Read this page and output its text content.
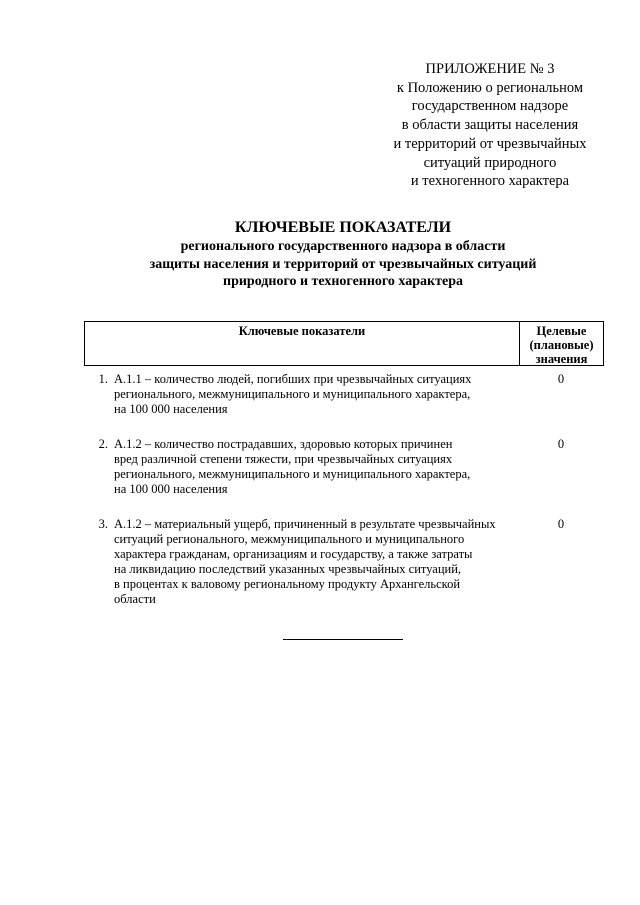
ПРИЛОЖЕНИЕ № 3
к Положению о региональном
государственном надзоре
в области защиты населения
и территорий от чрезвычайных
ситуаций природного
и техногенного характера
КЛЮЧЕВЫЕ ПОКАЗАТЕЛИ
регионального государственного надзора в области
защиты населения и территорий от чрезвычайных ситуаций
природного и техногенного характера
Ключевые показатели	Целевые
(плановые)
значения
1. А.1.1 – количество людей, погибших при чрезвычайных ситуациях
регионального, межмуниципального и муниципального характера,
на 100 000 населения
0
2. А.1.2 – количество пострадавших, здоровью которых причинен
вред различной степени тяжести, при чрезвычайных ситуациях
регионального, межмуниципального и муниципального характера,
на 100 000 населения
0
3. А.1.2 – материальный ущерб, причиненный в результате чрезвычайных
ситуаций регионального, межмуниципального и муниципального
характера гражданам, организациям и государству, а также затраты
на ликвидацию последствий указанных чрезвычайных ситуаций,
в процентах к валовому региональному продукту Архангельской
области
0
